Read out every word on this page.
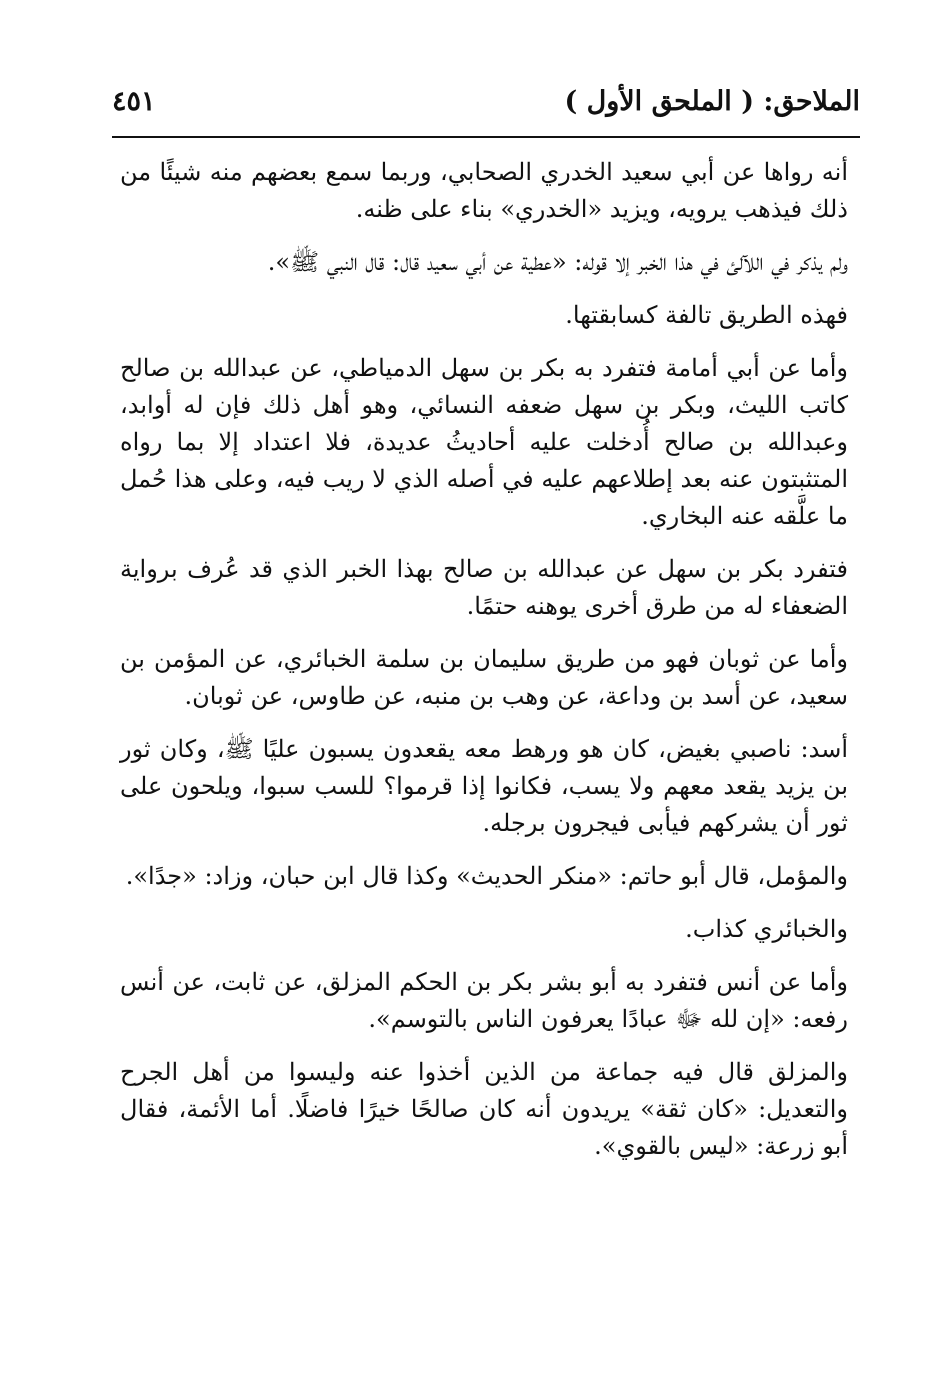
الملاحق: ( الملحق الأول )
٤٥١

أنه رواها عن أبي سعيد الخدري الصحابي، وربما سمع بعضهم منه شيئًا من ذلك فيذهب يرويه، ويزيد «الخدري» بناء على ظنه.

ولم يذكر في اللآلئ في هذا الخبر إلا قوله: «عطية عن أبي سعيد قال: قال النبي ﷺ».

فهذه الطريق تالفة كسابقتها.

وأما عن أبي أمامة فتفرد به بكر بن سهل الدمياطي، عن عبدالله بن صالح كاتب الليث، وبكر بن سهل ضعفه النسائي، وهو أهل ذلك فإن له أوابد، وعبدالله بن صالح أُدخلت عليه أحاديثُ عديدة، فلا اعتداد إلا بما رواه المتثبتون عنه بعد إطلاعهم عليه في أصله الذي لا ريب فيه، وعلى هذا حُمل ما علَّقه عنه البخاري.

فتفرد بكر بن سهل عن عبدالله بن صالح بهذا الخبر الذي قد عُرف برواية الضعفاء له من طرق أخرى يوهنه حتمًا.

وأما عن ثوبان فهو من طريق سليمان بن سلمة الخبائري، عن المؤمن بن سعيد، عن أسد بن وداعة، عن وهب بن منبه، عن طاوس، عن ثوبان.

أسد: ناصبي بغيض، كان هو ورهط معه يقعدون يسبون عليًا ﷺ، وكان ثور بن يزيد يقعد معهم ولا يسب، فكانوا إذا قرموا؟ للسب سبوا، ويلحون على ثور أن يشركهم فيأبى فيجرون برجله.

والمؤمل، قال أبو حاتم: «منكر الحديث» وكذا قال ابن حبان، وزاد: «جدًا».

والخبائري كذاب.

وأما عن أنس فتفرد به أبو بشر بكر بن الحكم المزلق، عن ثابت، عن أنس رفعه: «إن لله ﷻ عبادًا يعرفون الناس بالتوسم».

والمزلق قال فيه جماعة من الذين أخذوا عنه وليسوا من أهل الجرح والتعديل: «كان ثقة» يريدون أنه كان صالحًا خيرًا فاضلًا. أما الأئمة، فقال أبو زرعة: «ليس بالقوي».
